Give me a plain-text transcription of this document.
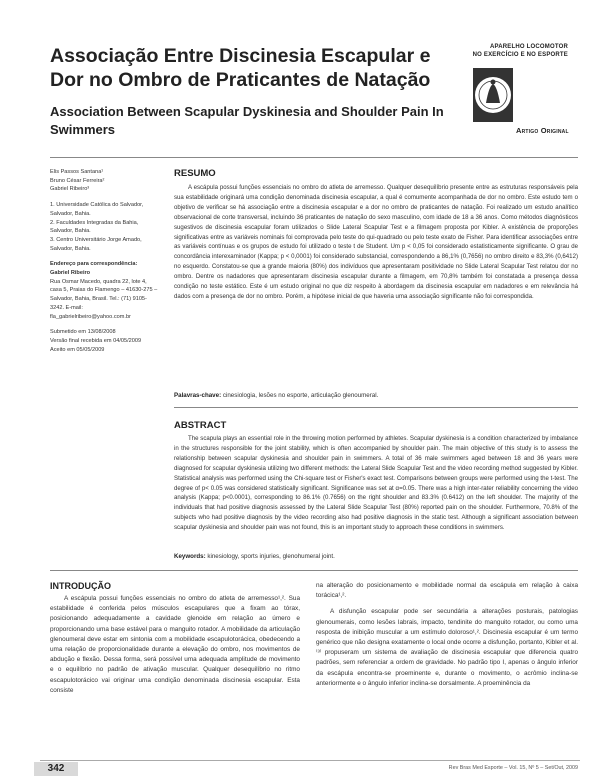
Associação Entre Discinesia Escapular e Dor no Ombro de Praticantes de Natação
Association Between Scapular Dyskinesia and Shoulder Pain In Swimmers
APARELHO LOCOMOTOR
NO EXERCÍCIO E NO ESPORTE
Artigo Original

Elis Passos Santana¹

Bruno César Ferreira²

Gabriel Ribeiro³

1. Universidade Católica do Salvador, Salvador, Bahia.

2. Faculdades Integradas da Bahia, Salvador, Bahia.

3. Centro Universitário Jorge Amado, Salvador, Bahia.

Endereço para correspondência:

Gabriel Ribeiro

Rua Osmar Macedo, quadra 22, lote 4, casa 5, Praias do Flamengo – 41630-275 – Salvador, Bahia, Brasil. Tel.: (71) 9105-3242. E-mail: fla_gabrielribeiro@yahoo.com.br

Submetido em 13/08/2008

Versão final recebida em 04/05/2009

Aceito em 05/05/2009

RESUMO

A escápula possui funções essenciais no ombro do atleta de arremesso. Qualquer desequilíbrio presente entre as estruturas responsáveis pela sua estabilidade originará uma condição denominada discinesia escapular, a qual é comumente acompanhada de dor no ombro. Este estudo tem o objetivo de verificar se há associação entre a discinesia escapular e a dor no ombro de praticantes de natação. Foi realizado um estudo analítico observacional de corte transversal, incluindo 36 praticantes de natação do sexo masculino, com idade de 18 a 36 anos. Como métodos diagnósticos sugestivos de discinesia escapular foram utilizados o Slide Lateral Scapular Test e a filmagem proposta por Kibler. A existência de proporções significativas entre as variáveis nominais foi comprovada pelo teste do qui-quadrado ou pelo teste exato de Fisher. Para identificar associações entre as variáveis contínuas e os grupos de estudo foi utilizado o teste t de Student. Um p < 0,05 foi considerado estatisticamente significante. O grau de concordância interexaminador (Kappa; p < 0,0001) foi considerado substancial, correspondendo a 86,1% (0,7656) no ombro direito e 83,3% (0,6412) no esquerdo. Constatou-se que a grande maioria (80%) dos indivíduos que apresentaram positividade no Slide Lateral Scapular Test relatou dor no ombro. Dentre os nadadores que apresentaram discinesia escapular durante a filmagem, em 70,8% também foi constatada a presença dessa condição no teste estático. Este é um estudo original no que diz respeito à abordagem da discinesia escapular em nadadores e em relevância há dados com a presença de dor no ombro. Porém, a hipótese inicial de que haveria uma associação significante não foi correspondida.

Palavras-chave: cinesiologia, lesões no esporte, articulação glenoumeral.
ABSTRACT

The scapula plays an essential role in the throwing motion performed by athletes. Scapular dyskinesia is a condition characterized by imbalance in the structures responsible for the joint stability, which is often accompanied by shoulder pain. The main objective of this study is to assess the relationship between scapular dyskinesia and shoulder pain in swimmers. A total of 36 male swimmers aged between 18 and 36 years were diagnosed for scapular dyskinesia utilizing two different methods: the Lateral Slide Scapular Test and the video recording method suggested by Kibler. Statistical analysis was performed using the Chi-square test or Fisher's exact test. Comparisons between groups were performed using the t-test. The degree of p< 0.05 was considered statistically significant. Significance was set at α=0.05. There was a high inter-rater reliability concerning the video analysis (Kappa; p<0.0001), corresponding to 86.1% (0.7656) on the right shoulder and 83.3% (0.6412) on the left shoulder. The majority of the individuals that had positive diagnosis assessed by the Lateral Slide Scapular Test (80%) reported pain on the shoulder. Furthermore, 70.8% of the subjects who had positive diagnosis by the video recording also had positive diagnosis in the static test. Although a significant association between scapular dyskinesia and shoulder pain was not found, this is an important study to approach these conditions in swimmers.

Keywords: kinesiology, sports injuries, glenohumeral joint.
INTRODUÇÃO

A escápula possui funções essenciais no ombro do atleta de arremesso¹,². Sua estabilidade é conferida pelos músculos escapulares que a fixam ao tórax, posicionando adequadamente a cavidade glenoide em relação ao úmero e proporcionando uma base estável para o manguito rotador. A mobilidade da articulação glenoumeral deve estar em sintonia com a mobilidade escapulotorácica, obedecendo a uma relação de proporcionalidade durante a elevação do ombro, nos movimentos de abdução e flexão. Dessa forma, será possível uma adequada amplitude de movimento e o equilíbrio no padrão de ativação muscular. Qualquer desequilíbrio no ritmo escapulotorácico vai originar uma condição denominada discinesia escapular. Esta consiste

na alteração do posicionamento e mobilidade normal da escápula em relação à caixa torácica¹,².

A disfunção escapular pode ser secundária a alterações posturais, patologias glenoumerais, como lesões labrais, impacto, tendinite do manguito rotador, ou como uma resposta de inibição muscular a um estímulo doloroso¹,². Discinesia escapular é um termo genérico que não designa exatamente o local onde ocorre a disfunção, portanto, Kibler et al.⁽³⁾ propuseram um sistema de avaliação de discinesia escapular que diferencia quatro padrões, sem referenciar a ordem de gravidade. No padrão tipo I, apenas o ângulo inferior da escápula encontra-se proeminente e, durante o movimento, o acrômio inclina-se anteriormente e o ângulo inferior inclina-se dorsalmente. A proeminência da

342	Rev Bras Med Esporte – Vol. 15, Nº 5 – Set/Out, 2009
